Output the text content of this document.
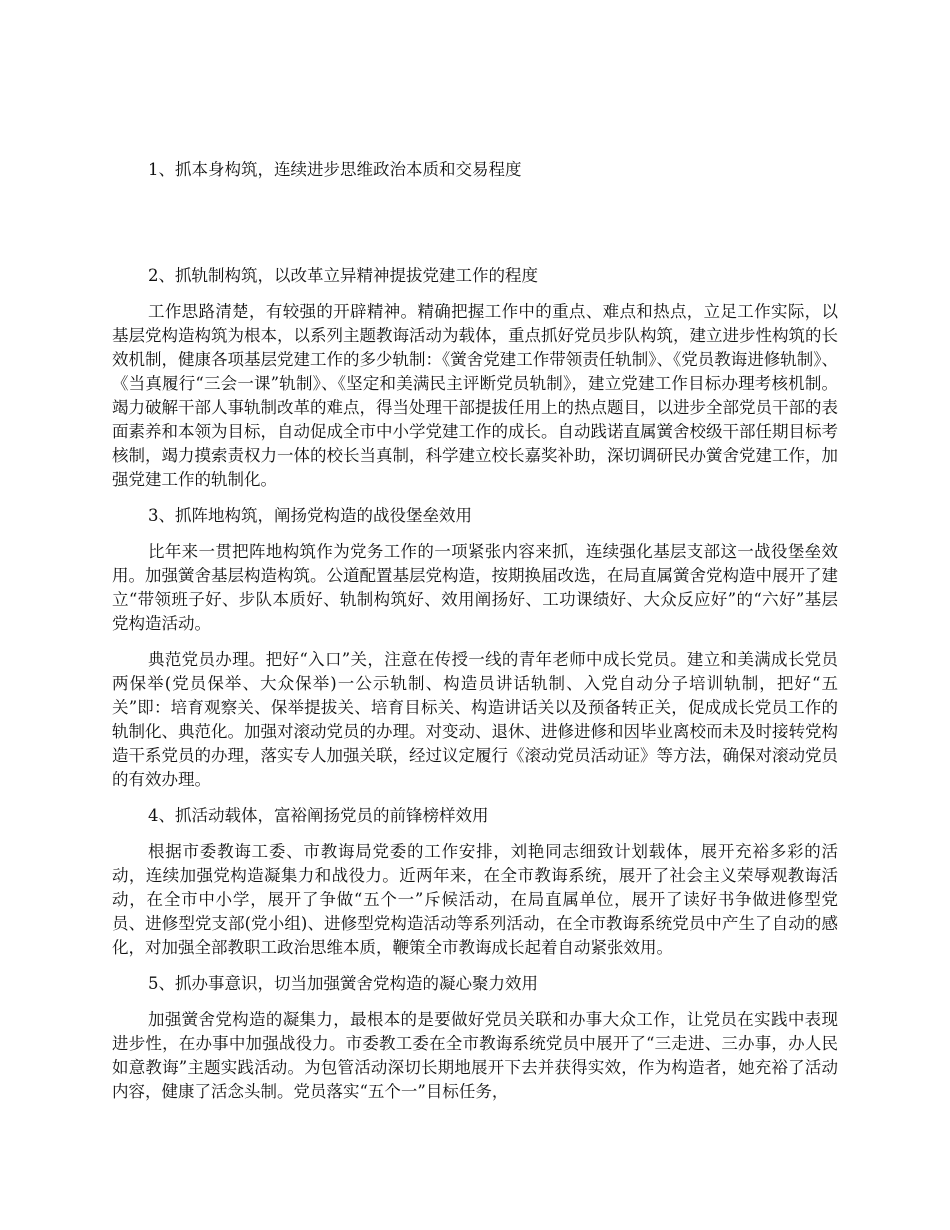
1、抓本身构筑，连续进步思维政治本质和交易程度

2、抓轨制构筑，以改革立异精神提拔党建工作的程度

工作思路清楚，有较强的开辟精神。精确把握工作中的重点、难点和热点，立足工作实际，以基层党构造构筑为根本，以系列主题教诲活动为载体，重点抓好党员步队构筑，建立进步性构筑的长效机制，健康各项基层党建工作的多少轨制：《黉舍党建工作带领责任轨制》、《党员教诲进修轨制》、《当真履行“三会一课”轨制》、《坚定和美满民主评断党员轨制》，建立党建工作目标办理考核机制。竭力破解干部人事轨制改革的难点，得当处理干部提拔任用上的热点题目，以进步全部党员干部的表面素养和本领为目标，自动促成全市中小学党建工作的成长。自动践诺直属黉舍校级干部任期目标考核制，竭力摸索责权力一体的校长当真制，科学建立校长嘉奖补助，深切调研民办黉舍党建工作，加强党建工作的轨制化。

3、抓阵地构筑，阐扬党构造的战役堡垒效用

比年来一贯把阵地构筑作为党务工作的一项紧张内容来抓，连续强化基层支部这一战役堡垒效用。加强黉舍基层构造构筑。公道配置基层党构造，按期换届改选，在局直属黉舍党构造中展开了建立“带领班子好、步队本质好、轨制构筑好、效用阐扬好、工功课绩好、大众反应好”的“六好”基层党构造活动。

典范党员办理。把好“入口”关，注意在传授一线的青年老师中成长党员。建立和美满成长党员两保举(党员保举、大众保举)一公示轨制、构造员讲话轨制、入党自动分子培训轨制，把好“五关”即：培育观察关、保举提拔关、培育目标关、构造讲话关以及预备转正关，促成成长党员工作的轨制化、典范化。加强对滚动党员的办理。对变动、退休、进修进修和因毕业离校而未及时接转党构造干系党员的办理，落实专人加强关联，经过议定履行《滚动党员活动证》等方法，确保对滚动党员的有效办理。

4、抓活动载体，富裕阐扬党员的前锋榜样效用

根据市委教诲工委、市教诲局党委的工作安排，刘艳同志细致计划载体，展开充裕多彩的活动，连续加强党构造凝集力和战役力。近两年来，在全市教诲系统，展开了社会主义荣辱观教诲活动，在全市中小学，展开了争做“五个一”斥候活动，在局直属单位，展开了读好书争做进修型党员、进修型党支部(党小组)、进修型党构造活动等系列活动，在全市教诲系统党员中产生了自动的感化，对加强全部教职工政治思维本质，鞭策全市教诲成长起着自动紧张效用。

5、抓办事意识，切当加强黉舍党构造的凝心聚力效用

加强黉舍党构造的凝集力，最根本的是要做好党员关联和办事大众工作，让党员在实践中表现进步性，在办事中加强战役力。市委教工委在全市教诲系统党员中展开了“三走进、三办事，办人民如意教诲”主题实践活动。为包管活动深切长期地展开下去并获得实效，作为构造者，她充裕了活动内容，健康了活念头制。党员落实“五个一”目标任务，
